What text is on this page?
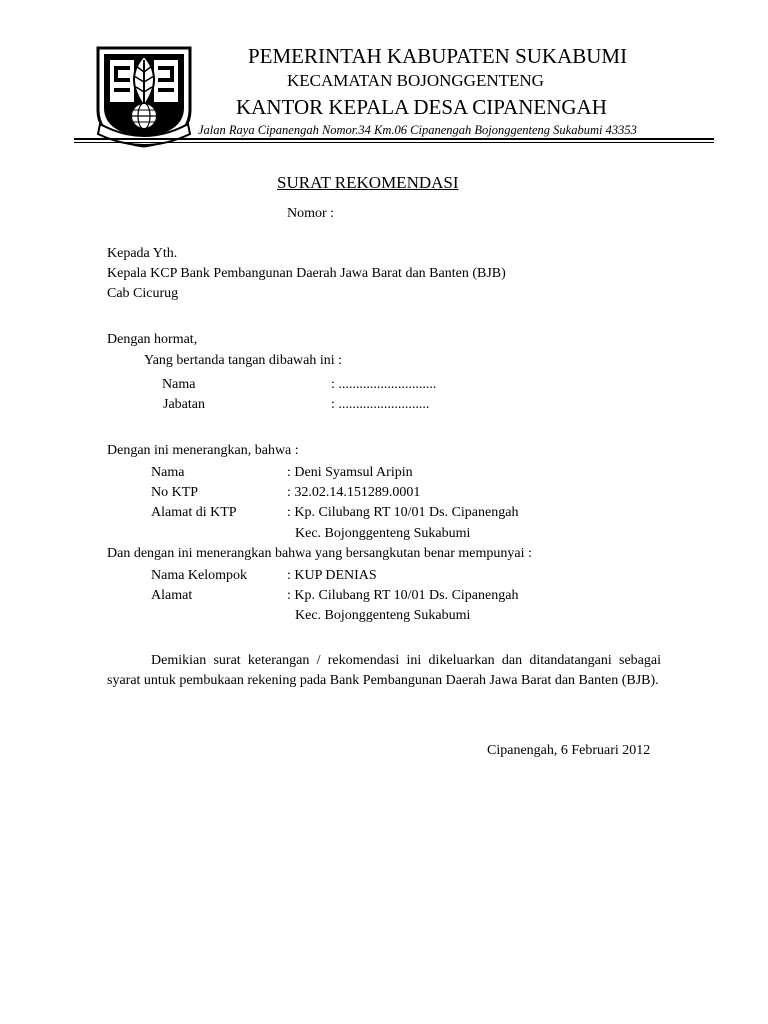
PEMERINTAH KABUPATEN SUKABUMI
KECAMATAN BOJONGGENTENG
KANTOR KEPALA DESA CIPANENGAH
Jalan Raya Cipanengah Nomor.34 Km.06 Cipanengah Bojonggenteng Sukabumi 43353
SURAT REKOMENDASI
Nomor :
Kepada Yth.
Kepala KCP Bank Pembangunan Daerah Jawa Barat dan Banten (BJB)
Cab Cicurug
Dengan hormat,
Yang bertanda tangan dibawah ini :
Nama	: ............................
Jabatan	: ..........................
Dengan ini menerangkan, bahwa :
Nama	: Deni Syamsul Aripin
No KTP	: 32.02.14.151289.0001
Alamat di KTP	: Kp. Cilubang RT 10/01 Ds. Cipanengah
Kec. Bojonggenteng Sukabumi
Dan dengan ini menerangkan bahwa yang bersangkutan benar mempunyai :
Nama Kelompok	: KUP DENIAS
Alamat	: Kp. Cilubang RT 10/01 Ds. Cipanengah
Kec. Bojonggenteng Sukabumi
Demikian surat keterangan / rekomendasi ini dikeluarkan dan ditandatangani sebagai syarat untuk pembukaan rekening pada Bank Pembangunan Daerah Jawa Barat dan Banten (BJB).
Cipanengah, 6 Februari 2012
